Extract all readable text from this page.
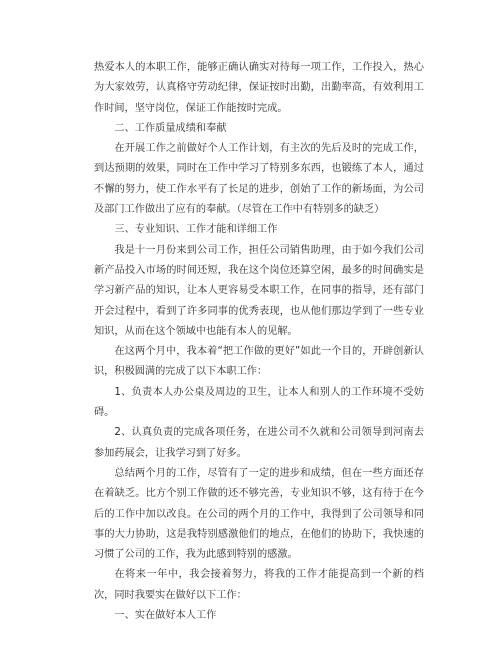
热爱本人的本职工作，能够正确认确实对待每一项工作，工作投入，热心为大家效劳，认真格守劳动纪律，保证按时出勤，出勤率高，有效利用工作时间，坚守岗位，保证工作能按时完成。

二、工作质量成绩和奉献

在开展工作之前做好个人工作计划，有主次的先后及时的完成工作，到达预期的效果，同时在工作中学习了特别多东西，也锻练了本人，通过不懈的努力，使工作水平有了长足的进步，创始了工作的新场面，为公司及部门工作做出了应有的奉献。（尽管在工作中有特别多的缺乏）

三、专业知识、工作才能和详细工作

我是十一月份来到公司工作，担任公司销售助理，由于如今我们公司新产品投入市场的时间还短，我在这个岗位还算空闲，最多的时间确实是学习新产品的知识，让本人更容易受本职工作，在同事的指导，还有部门开会过程中，看到了许多同事的优秀表现，也从他们那边学到了一些专业知识，从而在这个领域中也能有本人的见解。

在这两个月中，我本着“把工作做的更好”如此一个目的，开辟创新认识，积极圆满的完成了以下本职工作：

1、负责本人办公桌及周边的卫生，让本人和别人的工作环境不受妨碍。

2、认真负责的完成各项任务，在进公司不久就和公司领导到河南去参加药展会，让我学习到了好多。

总结两个月的工作，尽管有了一定的进步和成绩，但在一些方面还存在着缺乏。比方个别工作做的还不够完善，专业知识不够，这有待于在今后的工作中加以改良。在公司的两个月的工作中，我得到了公司领导和同事的大力协助，这是我特别感激他们的地点，在他们的协助下，我快速的习惯了公司的工作，我为此感到特别的感激。

在将来一年中，我会接着努力，将我的工作才能提高到一个新的档次，同时我要实在做好以下工作：

一、实在做好本人工作
